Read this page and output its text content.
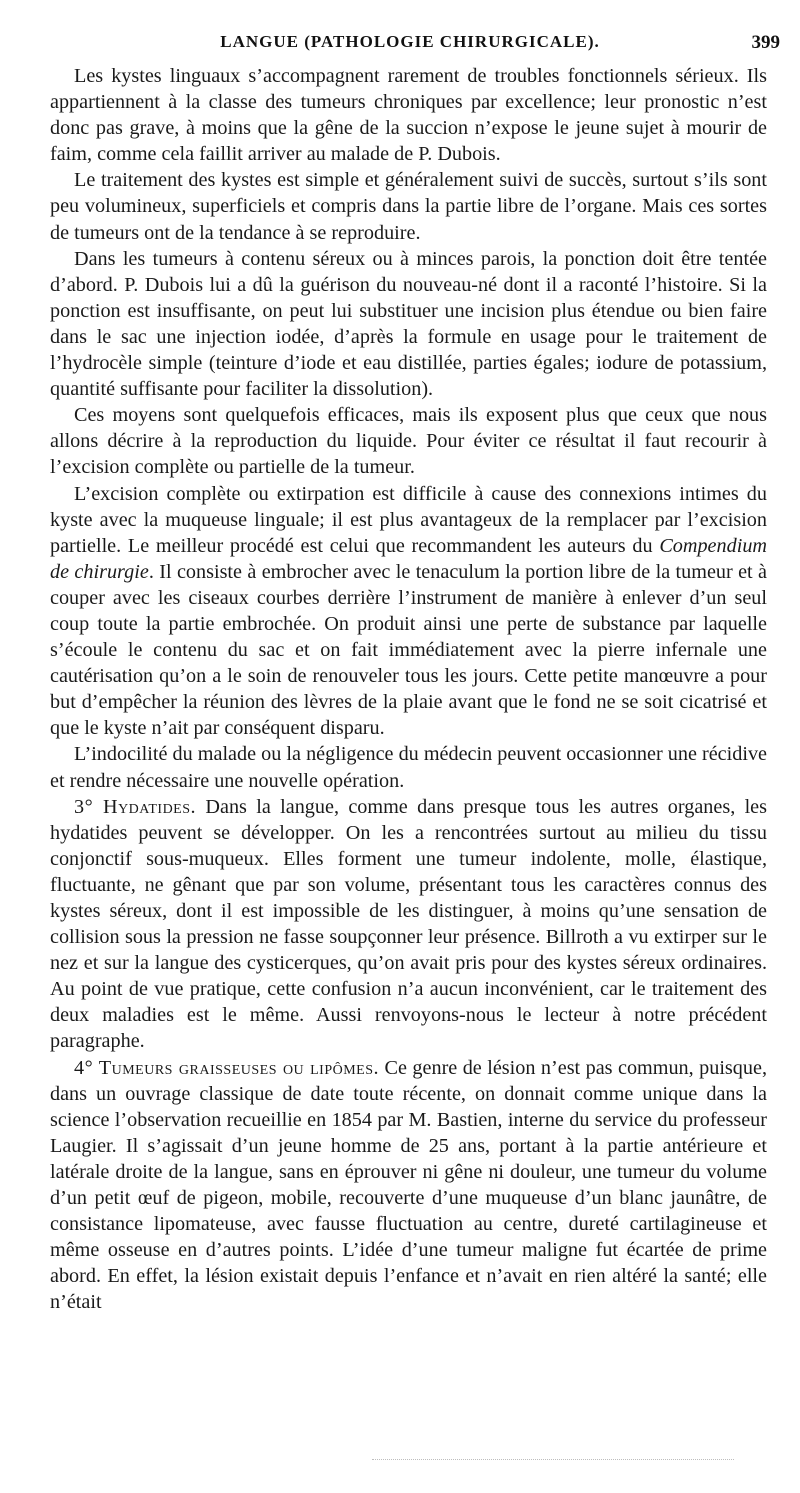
LANGUE (PATHOLOGIE CHIRURGICALE).	399

Les kystes linguaux s’accompagnent rarement de troubles fonctionnels sérieux. Ils appartiennent à la classe des tumeurs chroniques par excellence; leur pronostic n’est donc pas grave, à moins que la gêne de la succion n’expose le jeune sujet à mourir de faim, comme cela faillit arriver au malade de P. Dubois.

Le traitement des kystes est simple et généralement suivi de succès, surtout s’ils sont peu volumineux, superficiels et compris dans la partie libre de l’organe. Mais ces sortes de tumeurs ont de la tendance à se reproduire.

Dans les tumeurs à contenu séreux ou à minces parois, la ponction doit être tentée d’abord. P. Dubois lui a dû la guérison du nouveau-né dont il a raconté l’histoire. Si la ponction est insuffisante, on peut lui substituer une incision plus étendue ou bien faire dans le sac une injection iodée, d’après la formule en usage pour le traitement de l’hydrocèle simple (teinture d’iode et eau distillée, parties égales; iodure de potassium, quantité suffisante pour faciliter la dissolution).

Ces moyens sont quelquefois efficaces, mais ils exposent plus que ceux que nous allons décrire à la reproduction du liquide. Pour éviter ce résultat il faut recourir à l’excision complète ou partielle de la tumeur.

L’excision complète ou extirpation est difficile à cause des connexions intimes du kyste avec la muqueuse linguale; il est plus avantageux de la remplacer par l’excision partielle. Le meilleur procédé est celui que recommandent les auteurs du Compendium de chirurgie. Il consiste à embrocher avec le tenaculum la portion libre de la tumeur et à couper avec les ciseaux courbes derrière l’instrument de manière à enlever d’un seul coup toute la partie embrochée. On produit ainsi une perte de substance par laquelle s’écoule le contenu du sac et on fait immédiatement avec la pierre infernale une cautérisation qu’on a le soin de renouveler tous les jours. Cette petite manœuvre a pour but d’empêcher la réunion des lèvres de la plaie avant que le fond ne se soit cicatrisé et que le kyste n’ait par conséquent disparu.

L’indocilité du malade ou la négligence du médecin peuvent occasionner une récidive et rendre nécessaire une nouvelle opération.

3° Hydatides. Dans la langue, comme dans presque tous les autres organes, les hydatides peuvent se développer. On les a rencontrées surtout au milieu du tissu conjonctif sous-muqueux. Elles forment une tumeur indolente, molle, élastique, fluctuante, ne gênant que par son volume, présentant tous les caractères connus des kystes séreux, dont il est impossible de les distinguer, à moins qu’une sensation de collision sous la pression ne fasse soupçonner leur présence. Billroth a vu extirper sur le nez et sur la langue des cysticerques, qu’on avait pris pour des kystes séreux ordinaires. Au point de vue pratique, cette confusion n’a aucun inconvénient, car le traitement des deux maladies est le même. Aussi renvoyons-nous le lecteur à notre précédent paragraphe.

4° Tumeurs graisseuses ou lipômes. Ce genre de lésion n’est pas commun, puisque, dans un ouvrage classique de date toute récente, on donnait comme unique dans la science l’observation recueillie en 1854 par M. Bastien, interne du service du professeur Laugier. Il s’agissait d’un jeune homme de 25 ans, portant à la partie antérieure et latérale droite de la langue, sans en éprouver ni gêne ni douleur, une tumeur du volume d’un petit œuf de pigeon, mobile, recouverte d’une muqueuse d’un blanc jaunâtre, de consistance lipomateuse, avec fausse fluctuation au centre, dureté cartilagineuse et même osseuse en d’autres points. L’idée d’une tumeur maligne fut écartée de prime abord. En effet, la lésion existait depuis l’enfance et n’avait en rien altéré la santé; elle n’était
